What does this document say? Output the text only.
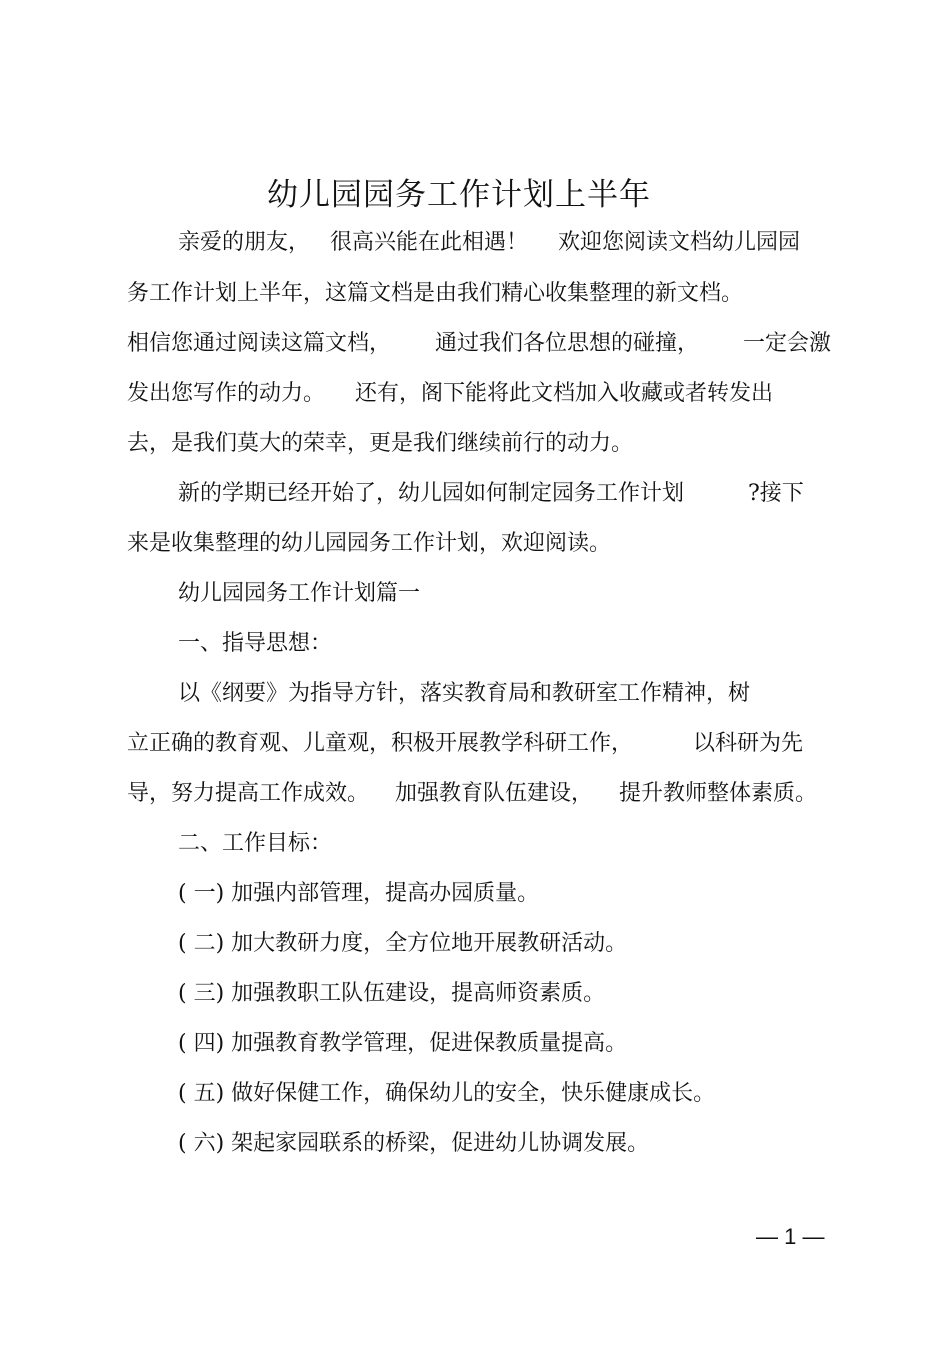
幼儿园园务工作计划上半年
亲爱的朋友， 很高兴能在此相遇！ 欢迎您阅读文档幼儿园园
务工作计划上半年，这篇文档是由我们精心收集整理的新文档。
相信您通过阅读这篇文档， 通过我们各位思想的碰撞， 一定会激
发出您写作的动力。 还有，阁下能将此文档加入收藏或者转发出
去，是我们莫大的荣幸，更是我们继续前行的动力。
新的学期已经开始了，幼儿园如何制定园务工作计划	?接下
来是收集整理的幼儿园园务工作计划，欢迎阅读。
幼儿园园务工作计划篇一
一、指导思想：
以《纲要》为指导方针，落实教育局和教研室工作精神，树
立正确的教育观、儿童观，积极开展教学科研工作，	以科研为先
导，努力提高工作成效。 加强教育队伍建设， 提升教师整体素质。
二、工作目标：
( 一) 加强内部管理，提高办园质量。
( 二) 加大教研力度，全方位地开展教研活动。
( 三) 加强教职工队伍建设，提高师资素质。
( 四) 加强教育教学管理，促进保教质量提高。
( 五) 做好保健工作，确保幼儿的安全，快乐健康成长。
( 六) 架起家园联系的桥梁，促进幼儿协调发展。
— 1 —
